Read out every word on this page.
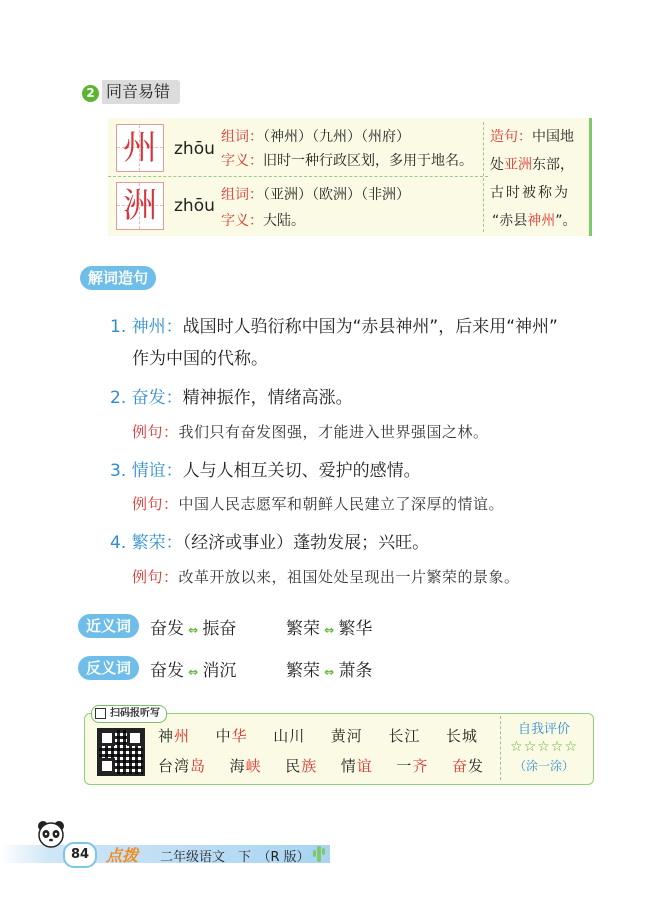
2 同音易错
州	zhōu
组词：（神州）（九州）（州府）
字义：旧时一种行政区划，多用于地名。
洲	zhōu
组词：（亚洲）（欧洲）（非洲）
字义：大陆。
造句：中国地
处亚洲东部，
古时被称为
“赤县神州”。
解词造句
1. 神州：战国时人驺衍称中国为“赤县神州”，后来用“神州”
作为中国的代称。
2. 奋发：精神振作，情绪高涨。
例句：我们只有奋发图强，才能进入世界强国之林。
3. 情谊：人与人相互关切、爱护的感情。
例句：中国人民志愿军和朝鲜人民建立了深厚的情谊。
4. 繁荣：（经济或事业）蓬勃发展；兴旺。
例句：改革开放以来，祖国处处呈现出一片繁荣的景象。
近义词	奋发 ⇔ 振奋	繁荣 ⇔ 繁华
反义词	奋发 ⇔ 消沉	繁荣 ⇔ 萧条
扫码报听写
神州 中华 山川 黄河 长江 长城
台湾岛 海峡 民族 情谊 一齐 奋发
自我评价
☆☆☆☆☆
（涂一涂）
84	点拨 二年级语文　下　（R 版）
